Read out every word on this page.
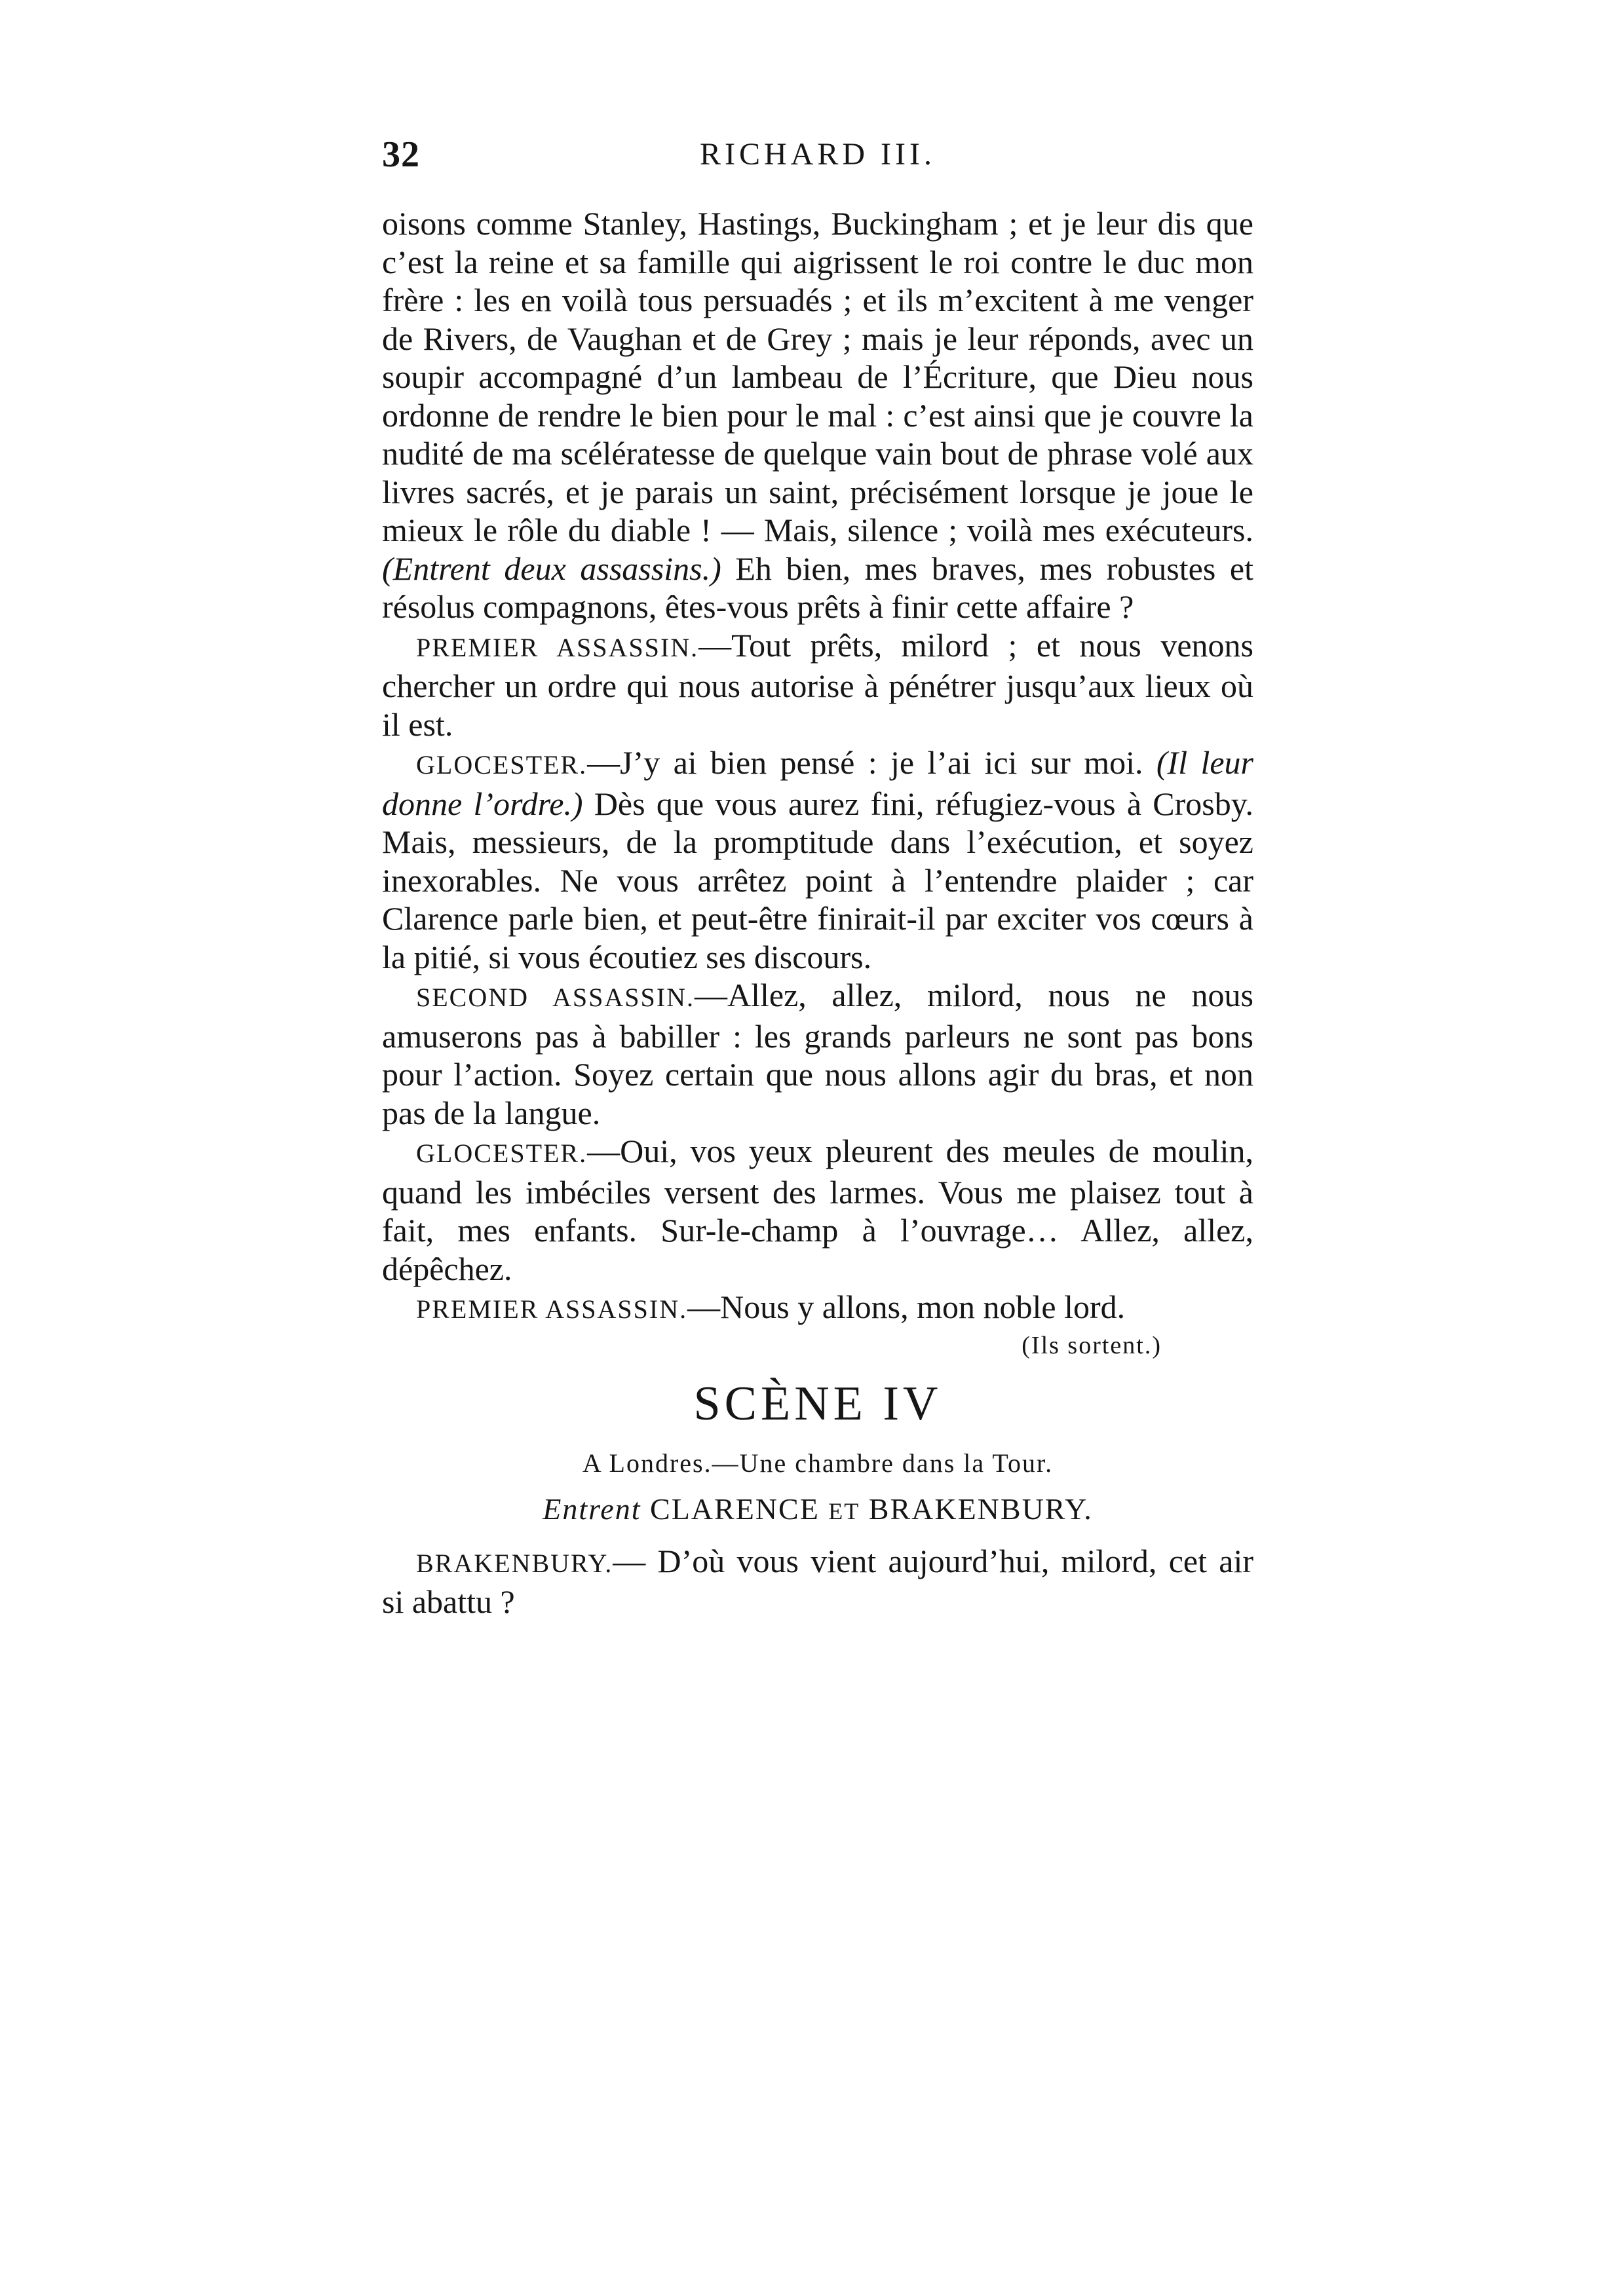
32	RICHARD III.

oisons comme Stanley, Hastings, Buckingham ; et je leur dis que c’est la reine et sa famille qui aigrissent le roi contre le duc mon frère : les en voilà tous persuadés ; et ils m’excitent à me venger de Rivers, de Vaughan et de Grey ; mais je leur réponds, avec un soupir accompagné d’un lambeau de l’Écriture, que Dieu nous ordonne de rendre le bien pour le mal : c’est ainsi que je couvre la nudité de ma scélératesse de quelque vain bout de phrase volé aux livres sacrés, et je parais un saint, précisément lorsque je joue le mieux le rôle du diable ! — Mais, silence ; voilà mes exécuteurs. (Entrent deux assassins.) Eh bien, mes braves, mes robustes et résolus compagnons, êtes-vous prêts à finir cette affaire ?

PREMIER ASSASSIN.—Tout prêts, milord ; et nous venons chercher un ordre qui nous autorise à pénétrer jusqu’aux lieux où il est.

GLOCESTER.—J’y ai bien pensé : je l’ai ici sur moi. (Il leur donne l’ordre.) Dès que vous aurez fini, réfugiez-vous à Crosby. Mais, messieurs, de la promptitude dans l’exécution, et soyez inexorables. Ne vous arrêtez point à l’entendre plaider ; car Clarence parle bien, et peut-être finirait-il par exciter vos cœurs à la pitié, si vous écoutiez ses discours.

SECOND ASSASSIN.—Allez, allez, milord, nous ne nous amuserons pas à babiller : les grands parleurs ne sont pas bons pour l’action. Soyez certain que nous allons agir du bras, et non pas de la langue.

GLOCESTER.—Oui, vos yeux pleurent des meules de moulin, quand les imbéciles versent des larmes. Vous me plaisez tout à fait, mes enfants. Sur-le-champ à l’ouvrage… Allez, allez, dépêchez.

PREMIER ASSASSIN.—Nous y allons, mon noble lord.

(Ils sortent.)

SCÈNE IV

A Londres.—Une chambre dans la Tour.

Entrent CLARENCE ET BRAKENBURY.

BRAKENBURY.— D’où vous vient aujourd’hui, milord, cet air si abattu ?
